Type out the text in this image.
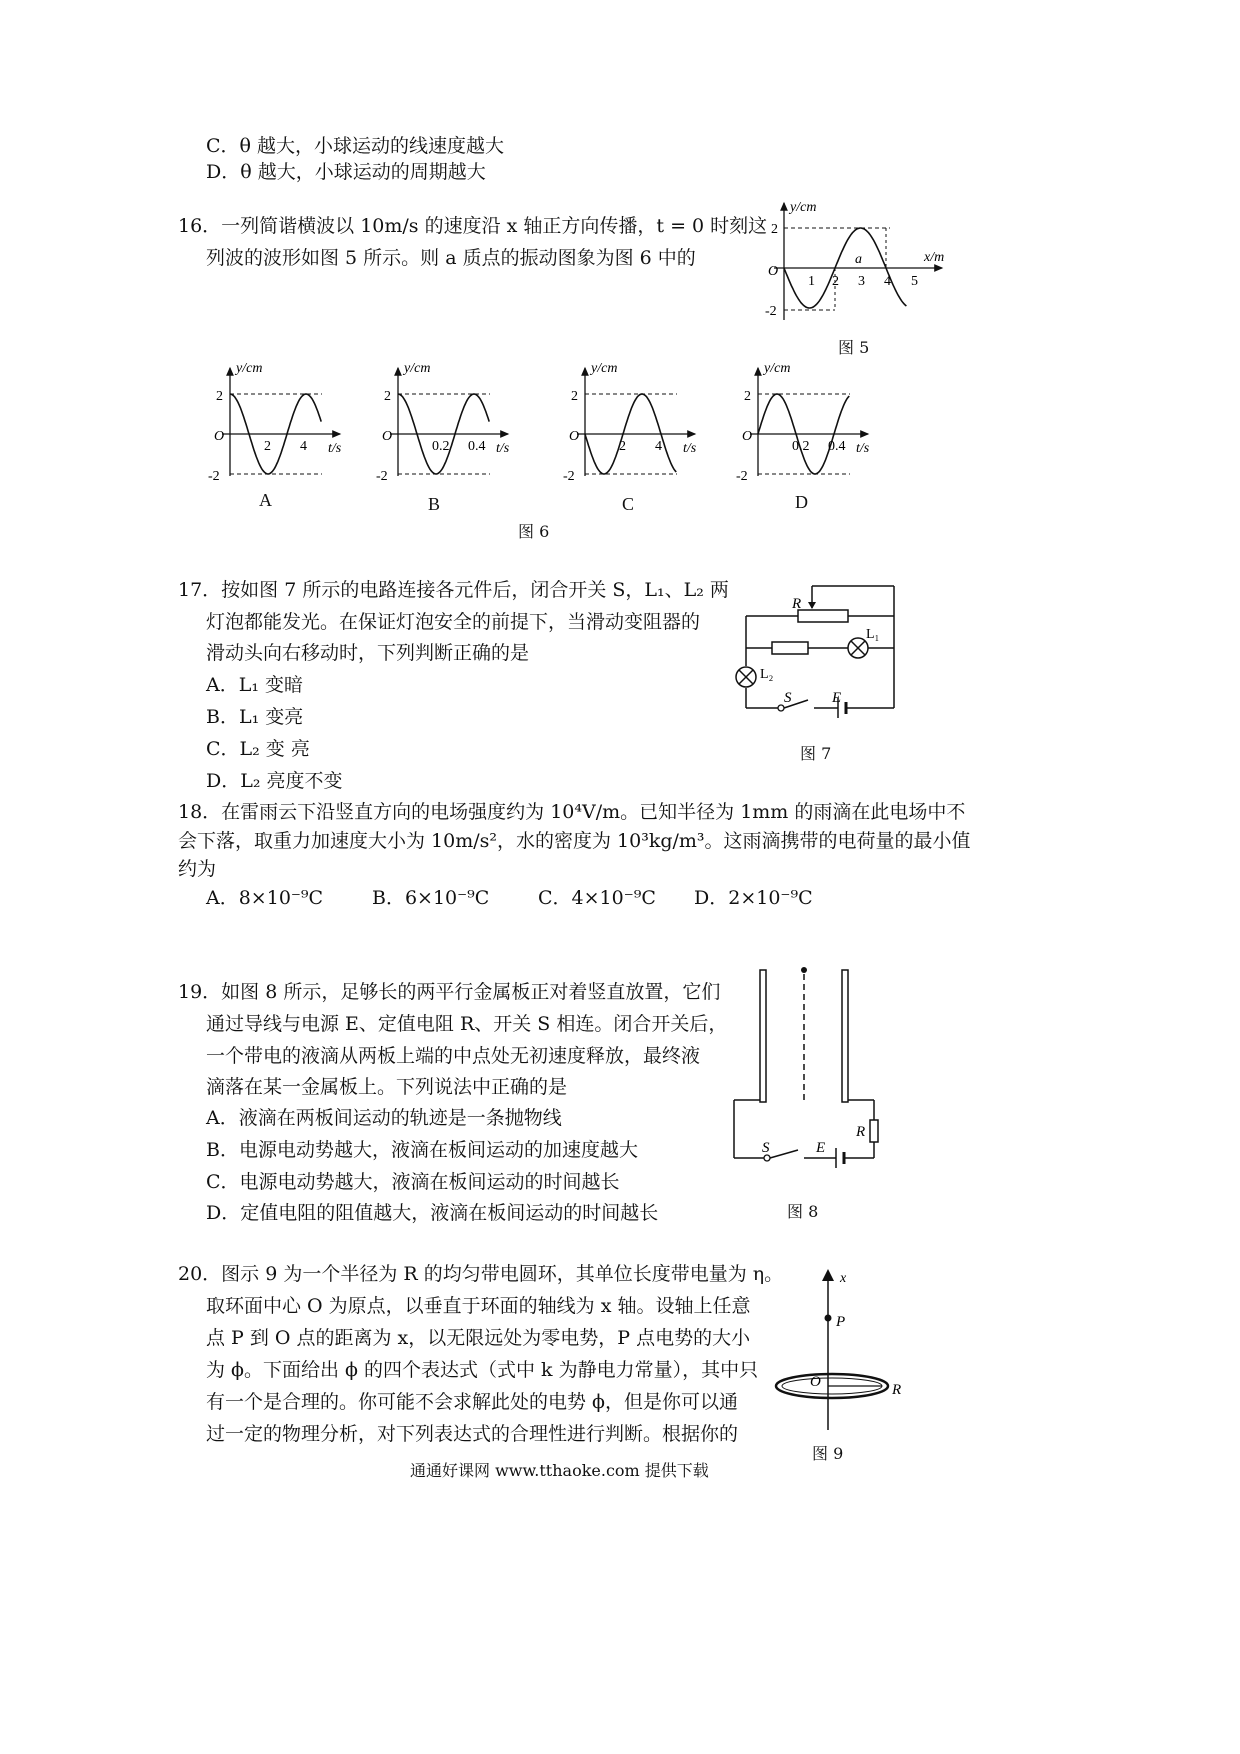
C．θ 越大，小球运动的线速度越大
D．θ 越大，小球运动的周期越大
16．一列简谐横波以 10m/s 的速度沿 x 轴正方向传播，t = 0 时刻这
列波的波形如图 5 所示。则 a 质点的振动图象为图 6 中的
y/cm
x/m
O
2
-2
1 2 3 4 5
a
图 5
y/cm
t/s
O
2
-2
2 4
y/cm
t/s
O
2
-2
0.2 0.4
y/cm
t/s
O
2
-2
2 4
y/cm
t/s
O
2
-2
0.2 0.4
A	B	C	D
图 6
17．按如图 7 所示的电路连接各元件后，闭合开关 S，L₁、L₂ 两
灯泡都能发光。在保证灯泡安全的前提下，当滑动变阻器的
滑动头向右移动时，下列判断正确的是
A．L₁ 变暗
B．L₁ 变亮
C．L₂ 变 亮
D．L₂ 亮度不变
R
L₁
L₂
S	E
图 7
18．在雷雨云下沿竖直方向的电场强度约为 10⁴V/m。已知半径为 1mm 的雨滴在此电场中不
会下落，取重力加速度大小为 10m/s²，水的密度为 10³kg/m³。这雨滴携带的电荷量的最小值
约为
A．8×10⁻⁹C	B．6×10⁻⁹C	C．4×10⁻⁹C D．2×10⁻⁹C
19．如图 8 所示，足够长的两平行金属板正对着竖直放置，它们
通过导线与电源 E、定值电阻 R、开关 S 相连。闭合开关后，
一个带电的液滴从两板上端的中点处无初速度释放，最终液
滴落在某一金属板上。下列说法中正确的是
A．液滴在两板间运动的轨迹是一条抛物线
B．电源电动势越大，液滴在板间运动的加速度越大
C．电源电动势越大，液滴在板间运动的时间越长
D．定值电阻的阻值越大，液滴在板间运动的时间越长
R
S	E
图 8
20．图示 9 为一个半径为 R 的均匀带电圆环，其单位长度带电量为 η。
取环面中心 O 为原点，以垂直于环面的轴线为 x 轴。设轴上任意
点 P 到 O 点的距离为 x，以无限远处为零电势，P 点电势的大小
为 ϕ。下面给出 ϕ 的四个表达式（式中 k 为静电力常量），其中只
有一个是合理的。你可能不会求解此处的电势 ϕ，但是你可以通
过一定的物理分析，对下列表达式的合理性进行判断。根据你的
x
P
O	R
图 9
通通好课网 www.tthaoke.com 提供下载
